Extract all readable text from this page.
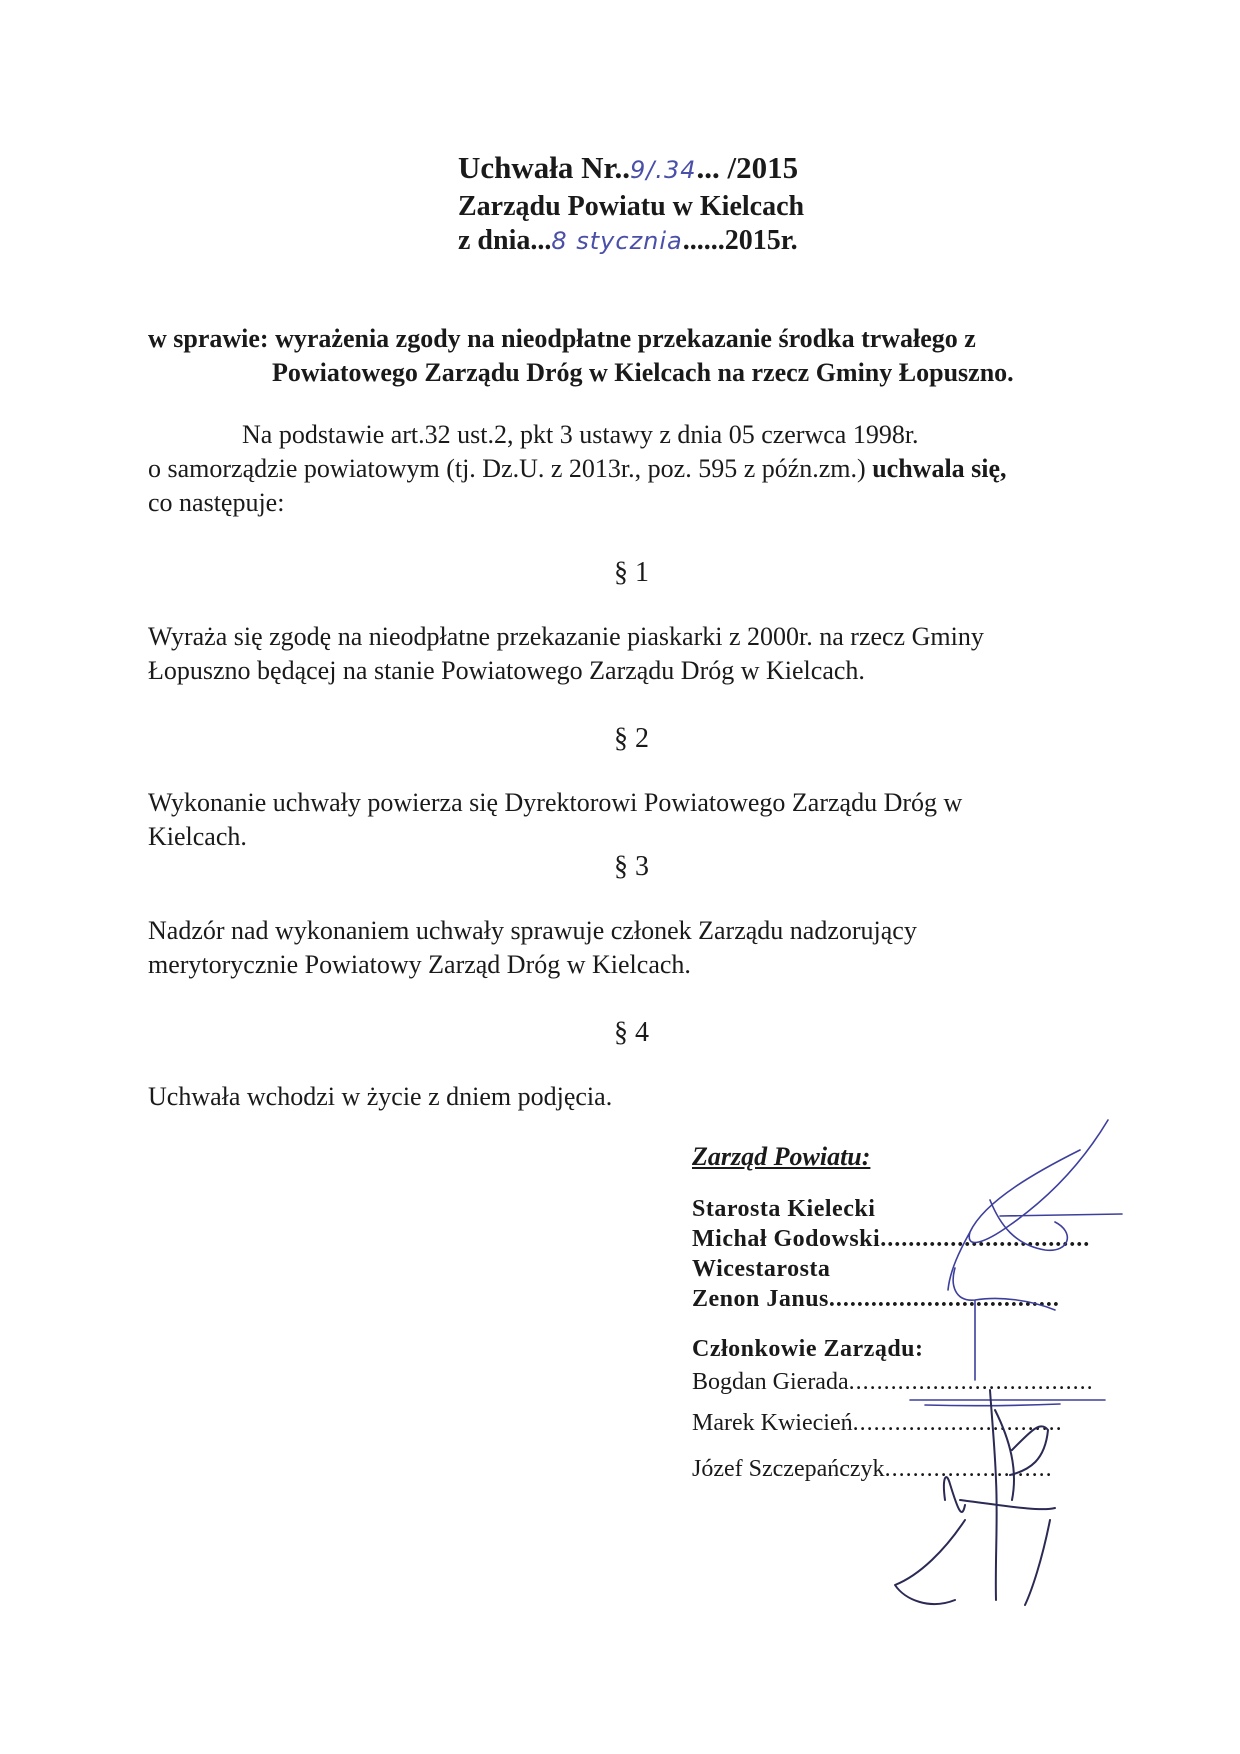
Uchwała Nr..9/.34... /2015
Zarządu Powiatu w Kielcach
z dnia...8 stycznia......2015r.
w sprawie: wyrażenia zgody na nieodpłatne przekazanie środka trwałego z
Powiatowego Zarządu Dróg w Kielcach na rzecz Gminy Łopuszno.
Na podstawie art.32 ust.2, pkt 3 ustawy z dnia 05 czerwca 1998r.
o samorządzie powiatowym (tj. Dz.U. z 2013r., poz. 595 z późn.zm.) uchwala się,
co następuje:
§ 1
Wyraża się zgodę na nieodpłatne przekazanie piaskarki z 2000r. na rzecz Gminy
Łopuszno będącej na stanie Powiatowego Zarządu Dróg w Kielcach.
§ 2
Wykonanie uchwały powierza się Dyrektorowi Powiatowego Zarządu Dróg w
Kielcach.
§ 3
Nadzór nad wykonaniem uchwały sprawuje członek Zarządu nadzorujący
merytorycznie Powiatowy Zarząd Dróg w Kielcach.
§ 4
Uchwała wchodzi w życie z dniem podjęcia.
Zarząd Powiatu:
Starosta Kielecki
Michał Godowski..............................
Wicestarosta
Zenon Janus.................................
Członkowie Zarządu:
Bogdan Gierada...................................
Marek Kwiecień..............................
Józef Szczepańczyk........................
